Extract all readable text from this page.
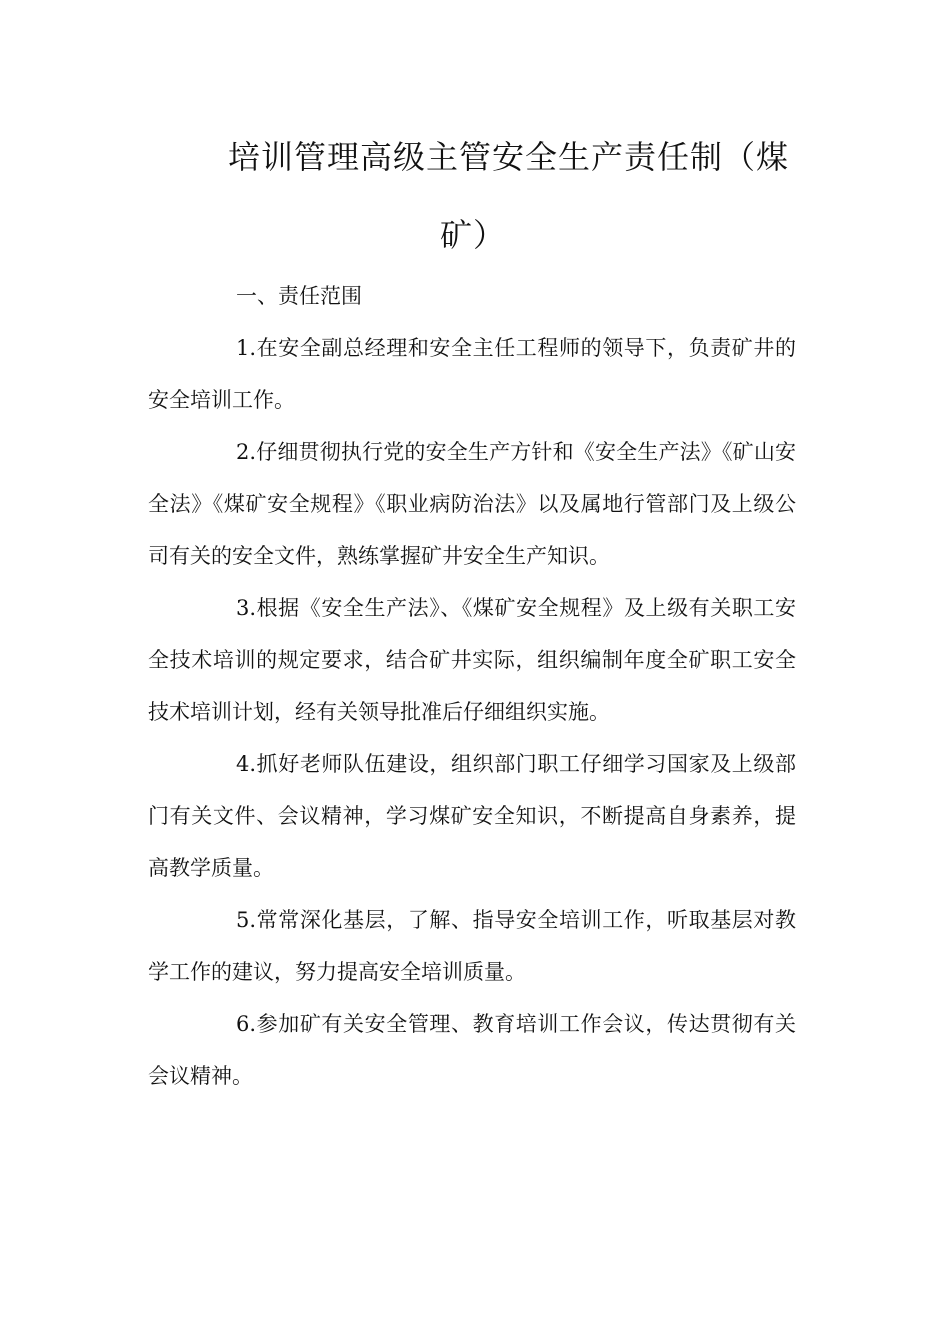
培训管理高级主管安全生产责任制（煤
矿）

一、责任范围

1.在安全副总经理和安全主任工程师的领导下，负责矿井的安全培训工作。

2.仔细贯彻执行党的安全生产方针和《安全生产法》《矿山安全法》《煤矿安全规程》《职业病防治法》以及属地行管部门及上级公司有关的安全文件，熟练掌握矿井安全生产知识。

3.根据《安全生产法》、《煤矿安全规程》及上级有关职工安全技术培训的规定要求，结合矿井实际，组织编制年度全矿职工安全技术培训计划，经有关领导批准后仔细组织实施。

4.抓好老师队伍建设，组织部门职工仔细学习国家及上级部门有关文件、会议精神，学习煤矿安全知识，不断提高自身素养，提高教学质量。

5.常常深化基层，了解、指导安全培训工作，听取基层对教学工作的建议，努力提高安全培训质量。

6.参加矿有关安全管理、教育培训工作会议，传达贯彻有关会议精神。
